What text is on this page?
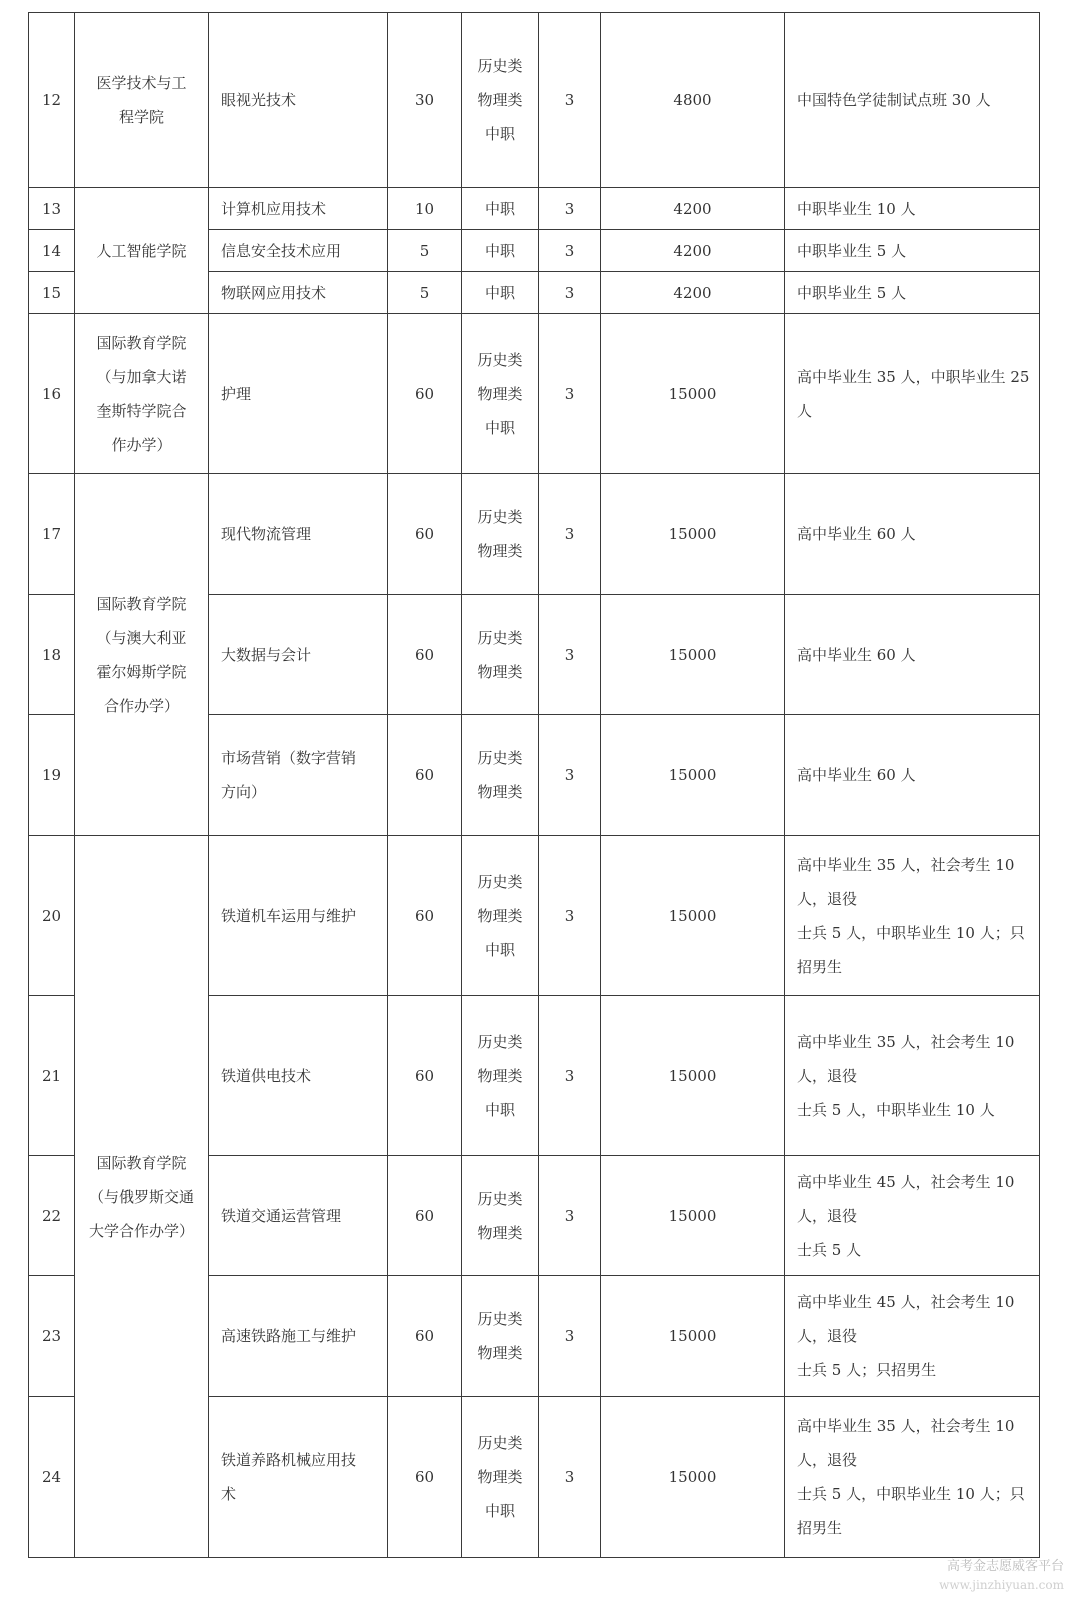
12	医学技术与工程学院	眼视光技术	30	历史类
物理类
中职	3	4800	中国特色学徒制试点班 30 人
13	人工智能学院	计算机应用技术	10	中职	3	4200	中职毕业生 10 人
14		信息安全技术应用	5	中职	3	4200	中职毕业生 5 人
15		物联网应用技术	5	中职	3	4200	中职毕业生 5 人
16	国际教育学院
（与加拿大诺
奎斯特学院合
作办学）	护理	60	历史类
物理类
中职	3	15000	高中毕业生 35 人，中职毕业生 25 人
17	国际教育学院
（与澳大利亚
霍尔姆斯学院
合作办学）	现代物流管理	60	历史类
物理类	3	15000	高中毕业生 60 人
18		大数据与会计	60	历史类
物理类	3	15000	高中毕业生 60 人
19		市场营销（数字营销
方向）	60	历史类
物理类	3	15000	高中毕业生 60 人
20	国际教育学院
（与俄罗斯交通
大学合作办学）	铁道机车运用与维护	60	历史类
物理类
中职	3	15000	高中毕业生 35 人，社会考生 10 人，退役
士兵 5 人，中职毕业生 10 人；只招男生
21		铁道供电技术	60	历史类
物理类
中职	3	15000	高中毕业生 35 人，社会考生 10 人，退役
士兵 5 人，中职毕业生 10 人
22		铁道交通运营管理	60	历史类
物理类	3	15000	高中毕业生 45 人，社会考生 10 人，退役
士兵 5 人
23		高速铁路施工与维护	60	历史类
物理类	3	15000	高中毕业生 45 人，社会考生 10 人，退役
士兵 5 人；只招男生
24		铁道养路机械应用技
术	60	历史类
物理类
中职	3	15000	高中毕业生 35 人，社会考生 10 人，退役
士兵 5 人，中职毕业生 10 人；只招男生
高考金志愿威客平台
www.jinzhiyuan.com
